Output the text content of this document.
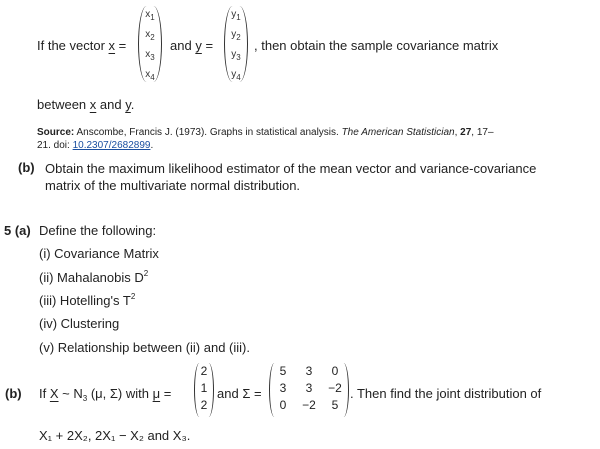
If the vector x =
$x_1$
$x_2$
$x_3$
$x_4$
and y =
$y_1$
$y_2$
$y_3$
$y_4$
, then obtain the sample covariance matrix
between x and y.
Source: Anscombe, Francis J. (1973). Graphs in statistical analysis. The American Statistician, 27, 17–
21. doi: 10.2307/2682899.
(b) Obtain the maximum likelihood estimator of the mean vector and variance-covariance
matrix of the multivariate normal distribution.
5 (a) Define the following:
(i) Covariance Matrix
(ii) Mahalanobis $D^2$
(iii) Hotelling's $T^2$
(iv) Clustering
(v) Relationship between (ii) and (iii).
(b) If X ~ $N_3$ (μ, Σ) with μ =
2
1
2
and Σ =
5	3	0
3	3	−2
0	−2	5
. Then find the joint distribution of
X₁ + 2X₂, 2X₁ − X₂ and X₃.
